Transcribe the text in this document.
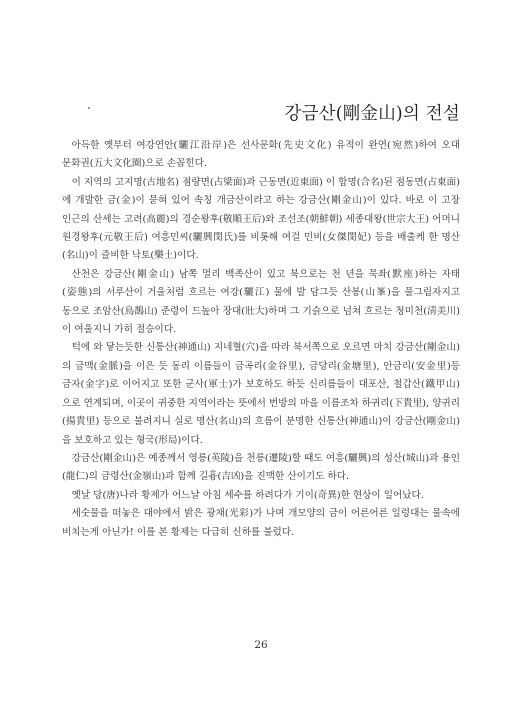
강금산(剛金山)의 전설

아득한 옛부터 여강연안(驪江沿岸)은 선사문화(先史文化) 유적이 완연(宛然)하여 오대 문화권(五大文化圈)으로 손꼽힌다.

이 지역의 고지명(古地名) 점량면(占梁面)과 근동면(近東面) 이 합명(合名)된 점동면(占東面)에 개발한 금(金)이 묻혀 있어 속칭 개금산이라고 하는 강금산(剛金山)이 있다. 바로 이 고장 인근의 산세는 고려(高麗)의 경순왕후(敬順王后)와 조선조(朝鮮朝) 세종대왕(世宗大王) 어머니 원경왕후(元敬王后) 여흥민씨(驪興閔氏)를 비롯해 여걸 민비(女傑閔妃) 등을 배출케 한 명산(名山)이 즐비한 낙토(樂土)이다.

산천은 강금산(剛金山) 남쪽 멀리 백족산이 있고 북으로는 천 년을 묵좌(默座)하는 자태(姿態)의 서루산이 거울처럼 흐르는 여강(驪江) 물에 발 담그듯 산봉(山峯)을 물그림자지고 동으로 조암산(鳥鵲山) 준령이 드높아 장대(壯大)하며 그 기슭으로 넘쳐 흐르는 청미천(淸美川)이 여울지니 가히 절승이다.

턱에 와 닿는듯한 신통산(神通山) 지네혈(穴)을 따라 북서쪽으로 오르면 마치 강금산(剛金山)의 금맥(金脈)을 이은 듯 동리 이름들이 금곡리(金谷里), 금당리(金塘里), 안금리(安金里)등 금자(金字)로 이어지고 또한 군사(軍士)가 보호하도 하듯 신리름들이 대포산, 철갑산(鐵甲山)으로 연계되며, 이곳이 귀중한 지역이라는 뜻에서 번방의 마을 이름조차 하귀리(下貴里), 양귀리(揚貴里) 등으로 불려지니 실로 명산(名山)의 흐름이 분명한 신통산(神通山)이 강금산(剛金山)을 보호하고 있는 형국(形局)이다.

강금산(剛金山)은 예종께서 영릉(英陵)을 천릉(遷陵)할 때도 여흥(驪興)의 성산(城山)과 용인(龍仁)의 금령산(金嶺山)과 함께 길흉(吉凶)을 진맥한 산이기도 하다.

옛날 당(唐)나라 황제가 어느날 아침 세수를 하려다가 기이(奇異)한 현상이 일어났다.

세숫물을 떠놓은 대야에서 밝은 광채(光彩)가 나며 개모양의 금이 어른어른 일렁대는 물속에 비치는게 아닌가! 이를 본 황제는 다급히 신하를 불렀다.

26
